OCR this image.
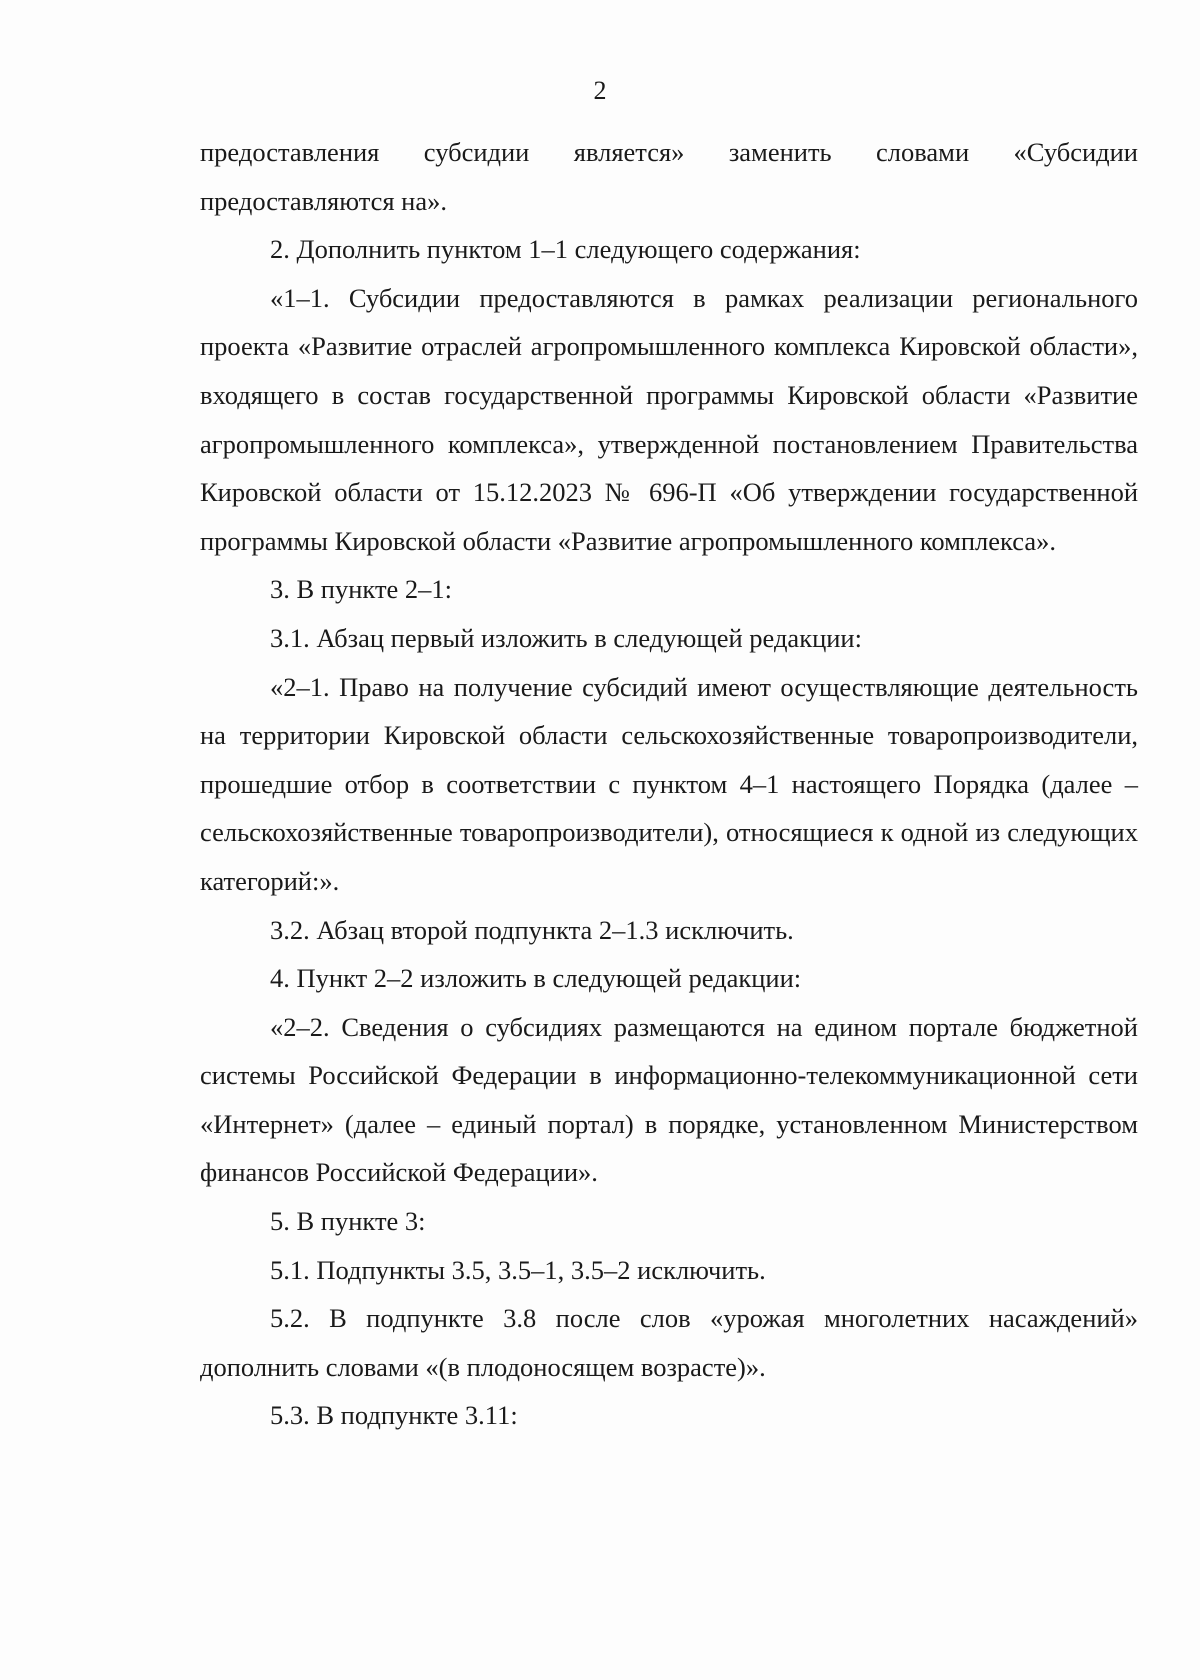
2

предоставления субсидии является» заменить словами «Субсидии предоставляются на».

2. Дополнить пунктом 1–1 следующего содержания:

«1–1. Субсидии предоставляются в рамках реализации регионального проекта «Развитие отраслей агропромышленного комплекса Кировской области», входящего в состав государственной программы Кировской области «Развитие агропромышленного комплекса», утвержденной постановлением Правительства Кировской области от 15.12.2023 № 696-П «Об утверждении государственной программы Кировской области «Развитие агропромышленного комплекса».

3. В пункте 2–1:

3.1. Абзац первый изложить в следующей редакции:

«2–1. Право на получение субсидий имеют осуществляющие деятельность на территории Кировской области сельскохозяйственные товаропроизводители, прошедшие отбор в соответствии с пунктом 4–1 настоящего Порядка (далее – сельскохозяйственные товаропроизводители), относящиеся к одной из следующих категорий:».

3.2. Абзац второй подпункта 2–1.3 исключить.

4. Пункт 2–2 изложить в следующей редакции:

«2–2. Сведения о субсидиях размещаются на едином портале бюджетной системы Российской Федерации в информационно-телекоммуникационной сети «Интернет» (далее – единый портал) в порядке, установленном Министерством финансов Российской Федерации».

5. В пункте 3:

5.1. Подпункты 3.5, 3.5–1, 3.5–2 исключить.

5.2. В подпункте 3.8 после слов «урожая многолетних насаждений» дополнить словами «(в плодоносящем возрасте)».

5.3. В подпункте 3.11:
